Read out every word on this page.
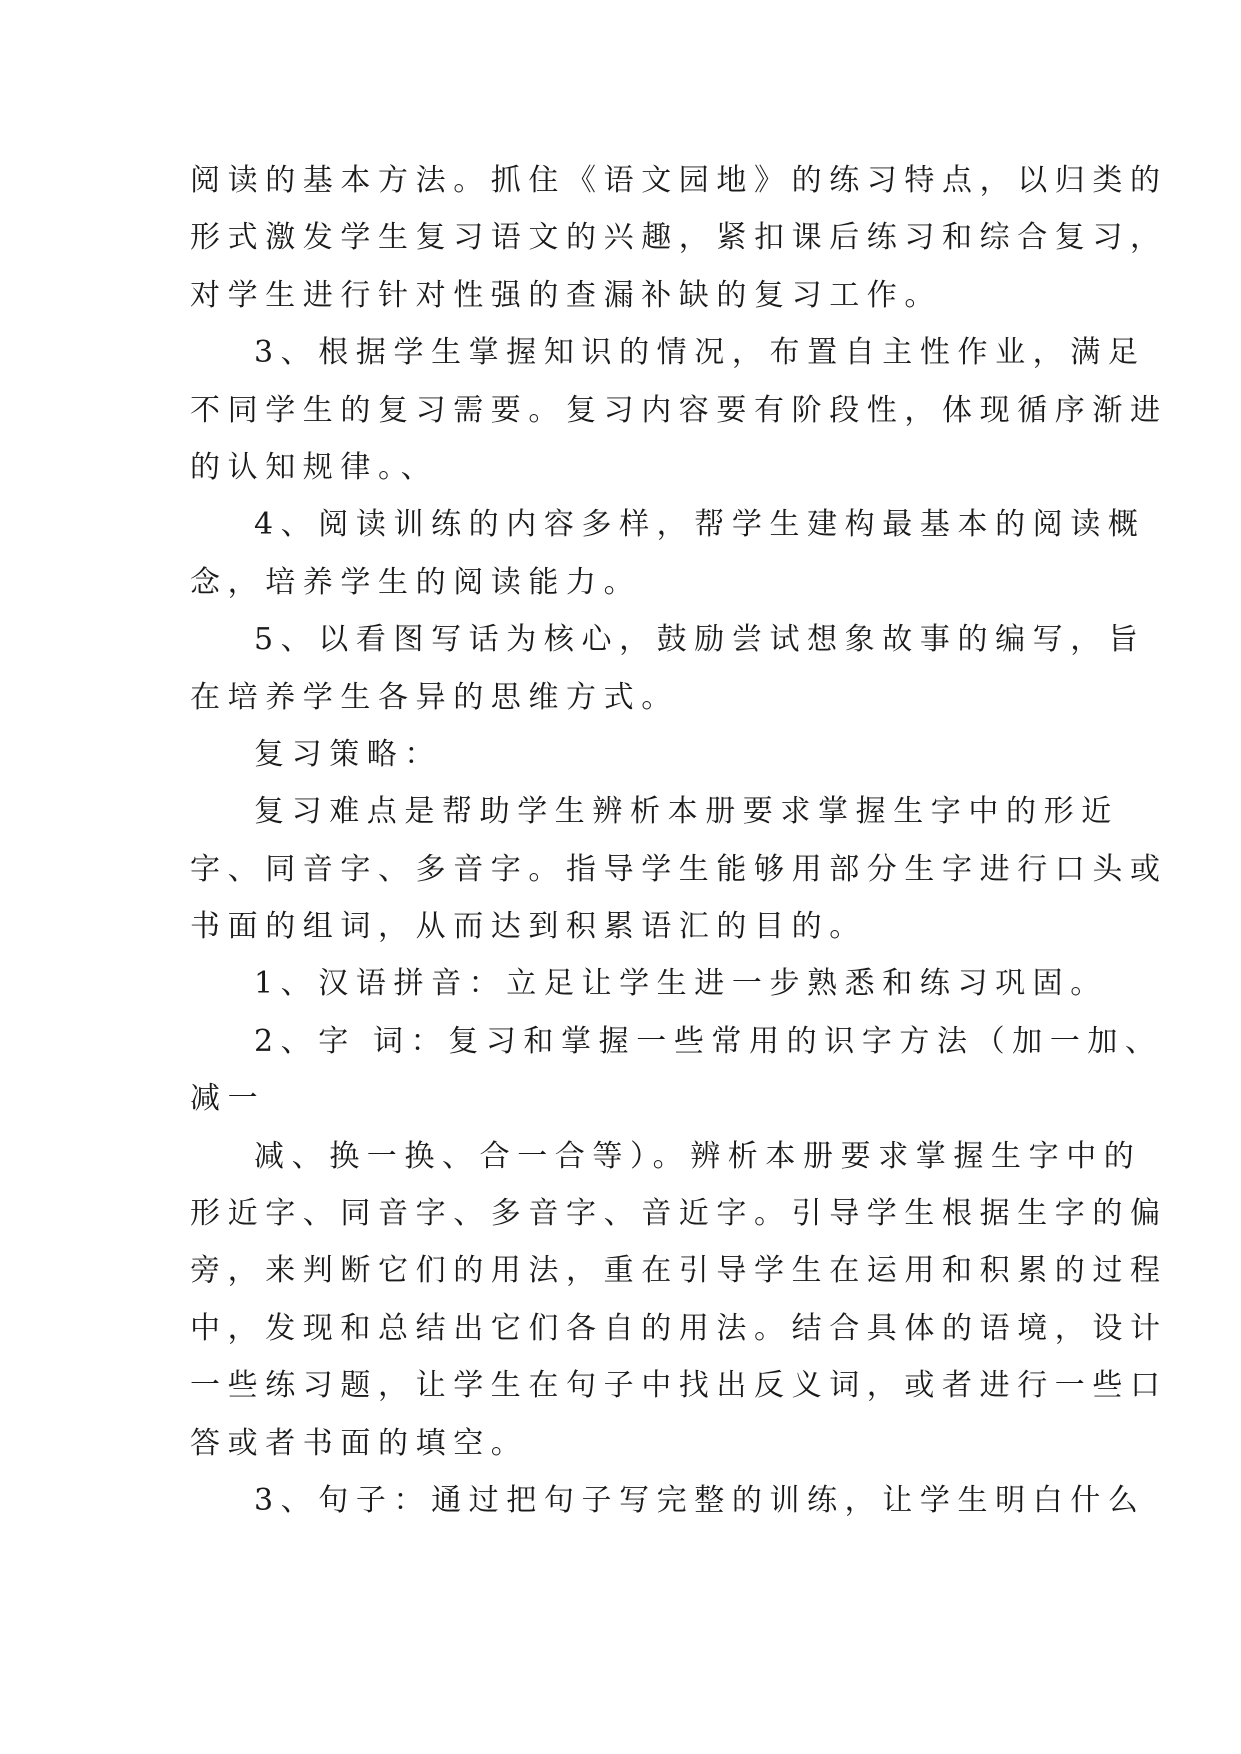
阅读的基本方法。抓住《语文园地》的练习特点，以归类的
形式激发学生复习语文的兴趣，紧扣课后练习和综合复习，
对学生进行针对性强的查漏补缺的复习工作。
3、根据学生掌握知识的情况，布置自主性作业，满足
不同学生的复习需要。复习内容要有阶段性，体现循序渐进
的认知规律。、
4、阅读训练的内容多样，帮学生建构最基本的阅读概
念，培养学生的阅读能力。
5、以看图写话为核心，鼓励尝试想象故事的编写，旨
在培养学生各异的思维方式。
复习策略：
复习难点是帮助学生辨析本册要求掌握生字中的形近
字、同音字、多音字。指导学生能够用部分生字进行口头或
书面的组词，从而达到积累语汇的目的。
1、汉语拼音：立足让学生进一步熟悉和练习巩固。
2、字 词：复习和掌握一些常用的识字方法（加一加、
减一
减、换一换、合一合等）。辨析本册要求掌握生字中的
形近字、同音字、多音字、音近字。引导学生根据生字的偏
旁，来判断它们的用法，重在引导学生在运用和积累的过程
中，发现和总结出它们各自的用法。结合具体的语境，设计
一些练习题，让学生在句子中找出反义词，或者进行一些口
答或者书面的填空。
3、句子：通过把句子写完整的训练，让学生明白什么
